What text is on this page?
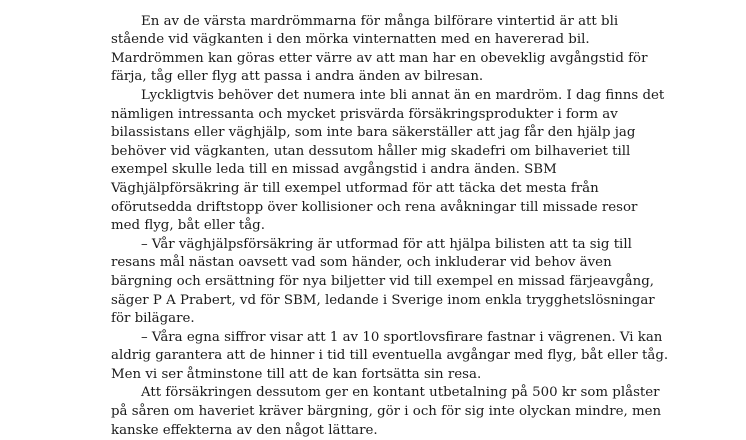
En av de värsta mardrömmarna för många bilförare vintertid är att bli
stående vid vägkanten i den mörka vinternatten med en havererad bil.
Mardrömmen kan göras etter värre av att man har en obeveklig avgångstid för
färja, tåg eller flyg att passa i andra änden av bilresan.
Lyckligtvis behöver det numera inte bli annat än en mardröm. I dag finns det
nämligen intressanta och mycket prisvärda försäkringsprodukter i form av
bilassistans eller väghjälp, som inte bara säkerställer att jag får den hjälp jag
behöver vid vägkanten, utan dessutom håller mig skadefri om bilhaveriet till
exempel skulle leda till en missad avgångstid i andra änden. SBM
Väghjälpförsäkring är till exempel utformad för att täcka det mesta från
oförutsedda driftstopp över kollisioner och rena avåkningar till missade resor
med flyg, båt eller tåg.
– Vår väghjälpsförsäkring är utformad för att hjälpa bilisten att ta sig till
resans mål nästan oavsett vad som händer, och inkluderar vid behov även
bärgning och ersättning för nya biljetter vid till exempel en missad färjeavgång,
säger P A Prabert, vd för SBM, ledande i Sverige inom enkla trygghetslösningar
för bilägare.
– Våra egna siffror visar att 1 av 10 sportlovsfirare fastnar i vägrenen. Vi kan
aldrig garantera att de hinner i tid till eventuella avgångar med flyg, båt eller tåg.
Men vi ser åtminstone till att de kan fortsätta sin resa.
Att försäkringen dessutom ger en kontant utbetalning på 500 kr som plåster
på såren om haveriet kräver bärgning, gör i och för sig inte olyckan mindre, men
kanske effekterna av den något lättare.
